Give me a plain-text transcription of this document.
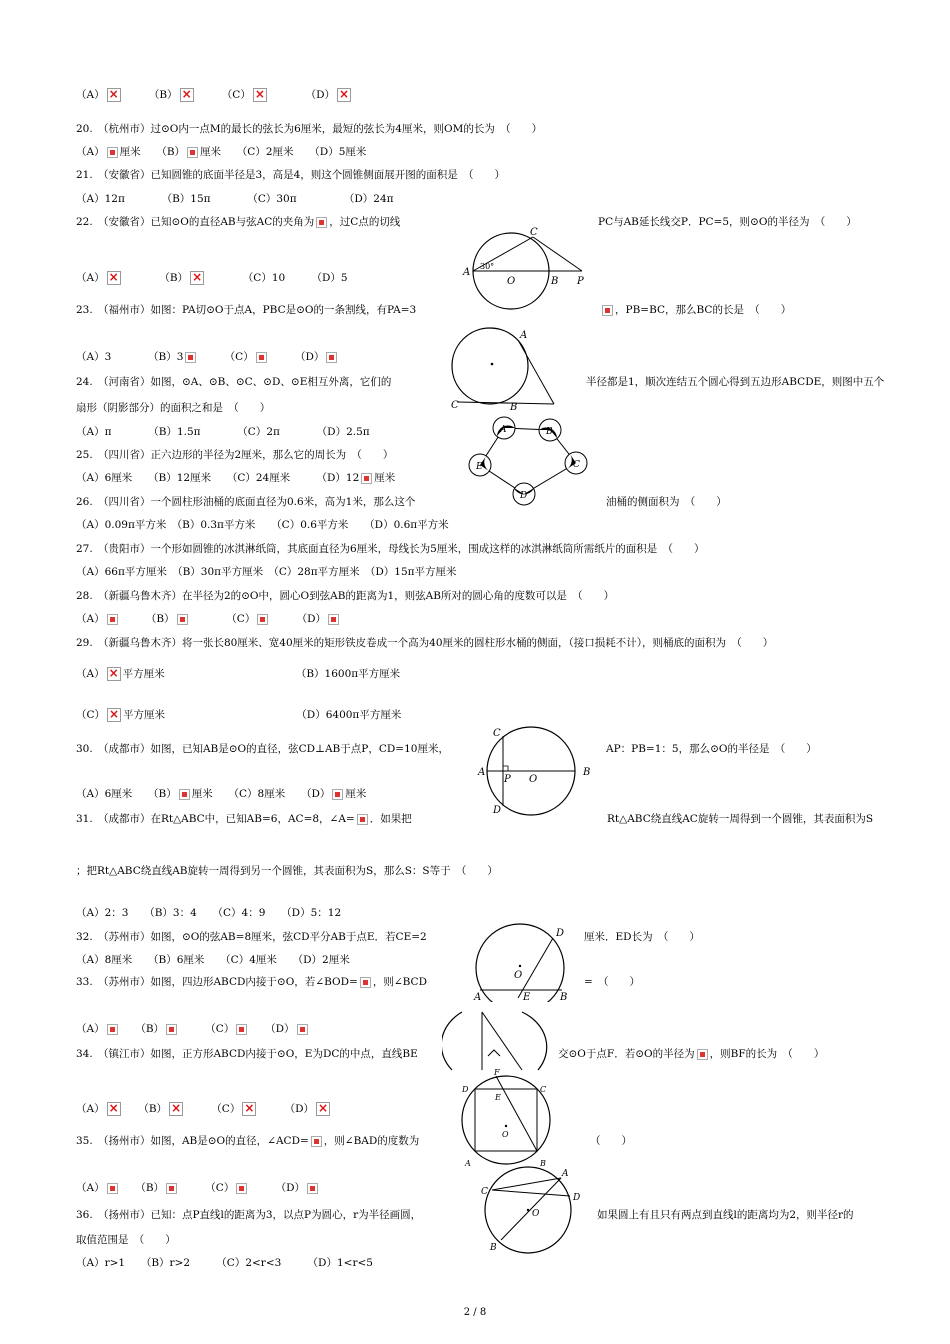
（A）×　　　（B）×　　　（C）×　　　　（D）×
20.　（杭州市）过⊙O内一点M的最长的弦长为6厘米，最短的弦长为4厘米，则OM的长为　（　　）
（A） 厘米　　（B） 厘米　　（C）2厘米　　（D）5厘米
21.　（安徽省）已知圆锥的底面半径是3，高是4，则这个圆锥侧面展开图的面积是　（　　）
（A）12π　　　　（B）15π　　　　（C）30π　　　　　（D）24π
22.　（安徽省）已知⊙O的直径AB与弦AC的夹角为 ，过C点的切线	PC与AB延长线交P．PC=5，则⊙O的半径为　（　　）
（A）×　　　　（B）×　　　　（C）10　　　（D）5
23.　（福州市）如图：PA切⊙O于点A，PBC是⊙O的一条割线，有PA=3	，PB=BC，那么BC的长是　（　　）
（A）3　　　　（B）3　　　（C）　　　（D）
24.　（河南省）如图，⊙A、⊙B、⊙C、⊙D、⊙E相互外离，它们的	半径都是1，顺次连结五个圆心得到五边形ABCDE，则图中五个
扇形（阴影部分）的面积之和是　（　　）
（A）π　　　　（B）1.5π　　　　（C）2π　　　　（D）2.5π
25.　（四川省）正六边形的半径为2厘米，那么它的周长为　（　　）
（A）6厘米　　（B）12厘米　　（C）24厘米　　　（D）12 厘米
26.　（四川省）一个圆柱形油桶的底面直径为0.6米，高为1米，那么这个	油桶的侧面积为　（　　）
（A）0.09π平方米　（B）0.3π平方米　　（C）0.6平方米　　（D）0.6π平方米
27.　（贵阳市）一个形如圆锥的冰淇淋纸筒，其底面直径为6厘米，母线长为5厘米，围成这样的冰淇淋纸筒所需纸片的面积是　（　　）
（A）66π平方厘米　（B）30π平方厘米　（C）28π平方厘米　（D）15π平方厘米
28.　（新疆乌鲁木齐）在半径为2的⊙O中，圆心O到弦AB的距离为1，则弦AB所对的圆心角的度数可以是　（　　）
（A）　　　（B）　　　　（C）　　　（D）
29.　（新疆乌鲁木齐）将一张长80厘米、宽40厘米的矩形铁皮卷成一个高为40厘米的圆柱形水桶的侧面，（接口损耗不计），则桶底的面积为　（　　）
（A） × 平方厘米　　　　　　　　　　　　　（B）1600π平方厘米
（C） × 平方厘米　　　　　　　　　　　　　（D）6400π平方厘米
30.　（成都市）如图，已知AB是⊙O的直径，弦CD⊥AB于点P，CD=10厘米，	AP：PB=1：5，那么⊙O的半径是　（　　）
（A）6厘米　　（B） 厘米　　（C）8厘米　　（D） 厘米
31.　（成都市）在Rt△ABC中，已知AB=6，AC=8，∠A= ．如果把	Rt△ABC绕直线AC旋转一周得到一个圆锥，其表面积为S
；把Rt△ABC绕直线AB旋转一周得到另一个圆锥，其表面积为S，那么S：S等于　（　　）
（A）2：3　　（B）3：4　　（C）4：9　　（D）5：12
32.　（苏州市）如图，⊙O的弦AB=8厘米，弦CD平分AB于点E．若CE=2	厘米．ED长为　（　　）
（A）8厘米　　（B）6厘米　　（C）4厘米　　（D）2厘米
33.　（苏州市）如图，四边形ABCD内接于⊙O，若∠BOD= ，则∠BCD	=　（　　）
（A）　　（B）　　　（C）　　（D）
34.　（镇江市）如图，正方形ABCD内接于⊙O，E为DC的中点，直线BE	交⊙O于点F．若⊙O的半径为 ，则BF的长为　（　　）
（A）×　　（B）×　　　（C）×　　　（D）×
35.　（扬州市）如图，AB是⊙O的直径，∠ACD= ，则∠BAD的度数为	（　　）
（A）　　（B）　　　（C）　　　（D）
36.　（扬州市）已知：点P直线l的距离为3，以点P为圆心，r为半径画圆，	如果圆上有且只有两点到直线l的距离均为2，则半径r的
取值范围是　（　　）
（A）r>1　　（B）r>2　　　（C）2<r<3　　　（D）1<r<5
C
A
30°
O	B P
A
C	B
A	B
C
D
E
C
A
P O
B
D
D
O
A	E	B
F
D	C
E
O
A	B
A
C
D
O
B
2 / 8
